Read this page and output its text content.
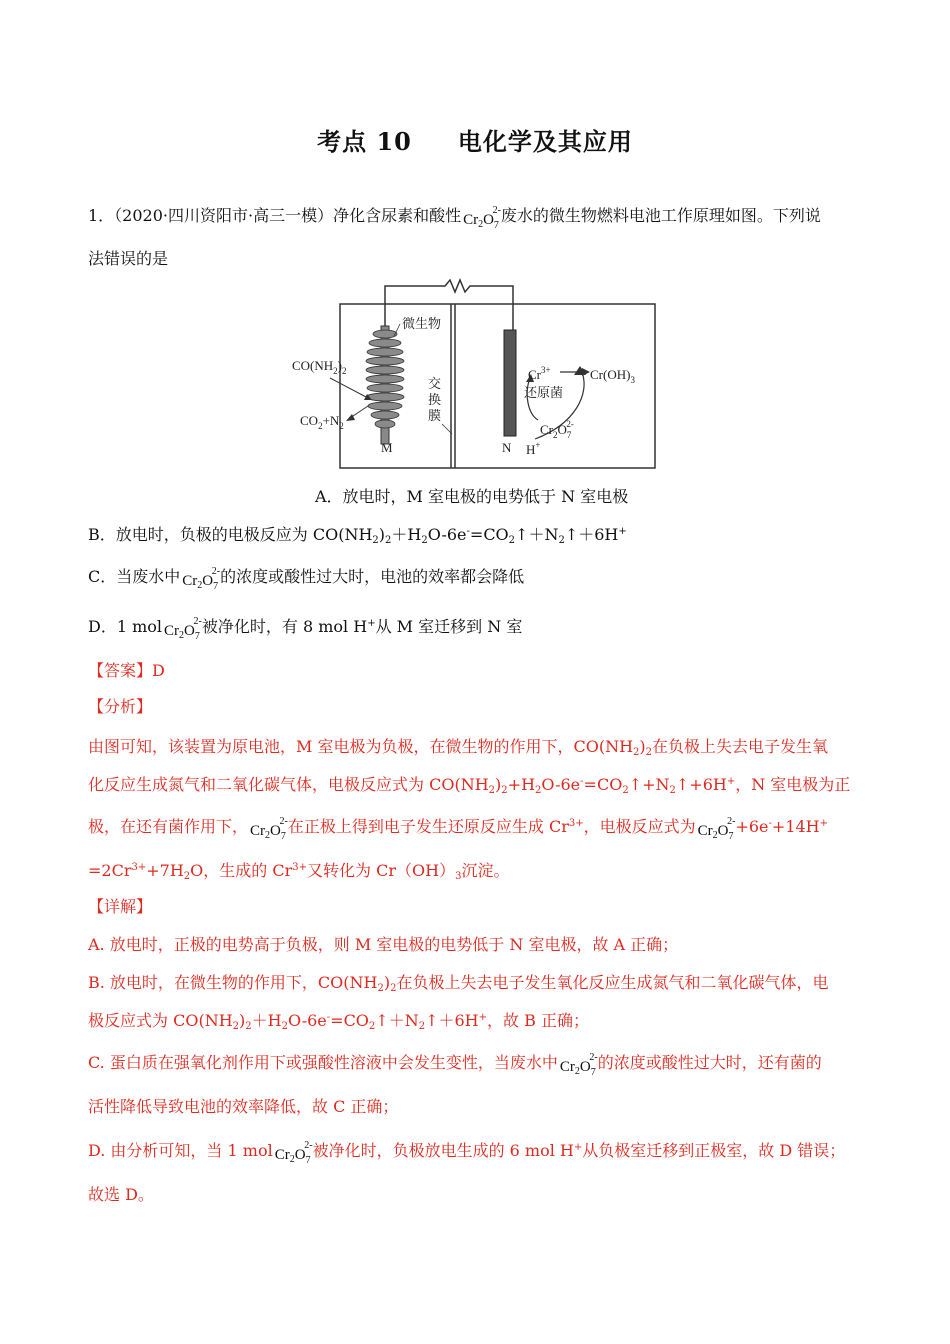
考点 10 电化学及其应用
1．（2020·四川资阳市·高三一模）净化含尿素和酸性 $Cr_2O_7$
2- 废水的微生物燃料电池工作原理如图。下列说
法错误的是
微生物
$CO(NH_2)_2$
$CO_2+N_2$
M	N
交
换
膜
$Cr^{3+}$	$Cr(OH)_3$
还原菌
$Cr_2O_72-$
H+
A．放电时，M 室电极的电势低于 N 室电极
B．放电时，负极的电极反应为 $CO(NH_2)_2+H_2O-6e^-=CO_2↑+N_2↑+6H^+$
C．当废水中 $Cr_2O_7$
2- 的浓度或酸性过大时，电池的效率都会降低
D．1 mol $Cr_2O_7$
2- 被净化时，有 8 mol H+从 M 室迁移到 N 室
【答案】D
【分析】
由图可知，该装置为原电池，M 室电极为负极，在微生物的作用下，$CO(NH_2)_2$在负极上失去电子发生氧
化反应生成氮气和二氧化碳气体，电极反应式为 $CO(NH_2)_2+H_2O-6e^-=CO_2↑+N_2↑+6H^+$，N 室电极为正
极，在还有菌作用下， $Cr_2O_7$
2- 在正极上得到电子发生还原反应生成 $Cr^{3+}$，电极反应式为 $Cr_2O_7$
2- +6e-+14H+
$=2Cr^{3+}+7H_2O$，生成的 $Cr^{3+}$又转化为 $Cr(OH)_3$沉淀。
【详解】
A. 放电时，正极的电势高于负极，则 M 室电极的电势低于 N 室电极，故 A 正确；
B. 放电时，在微生物的作用下，$CO(NH_2)_2$在负极上失去电子发生氧化反应生成氮气和二氧化碳气体，电
极反应式为 $CO(NH_2)_2+H_2O-6e^-=CO_2↑+N_2↑+6H^+$，故 B 正确；
C. 蛋白质在强氧化剂作用下或强酸性溶液中会发生变性，当废水中 $Cr_2O_7$
2- 的浓度或酸性过大时，还有菌的
活性降低导致电池的效率降低，故 C 正确；
D. 由分析可知，当 1 mol $Cr_2O_7$
2- 被净化时，负极放电生成的 6 mol H+从负极室迁移到正极室，故 D 错误；
故选 D。
